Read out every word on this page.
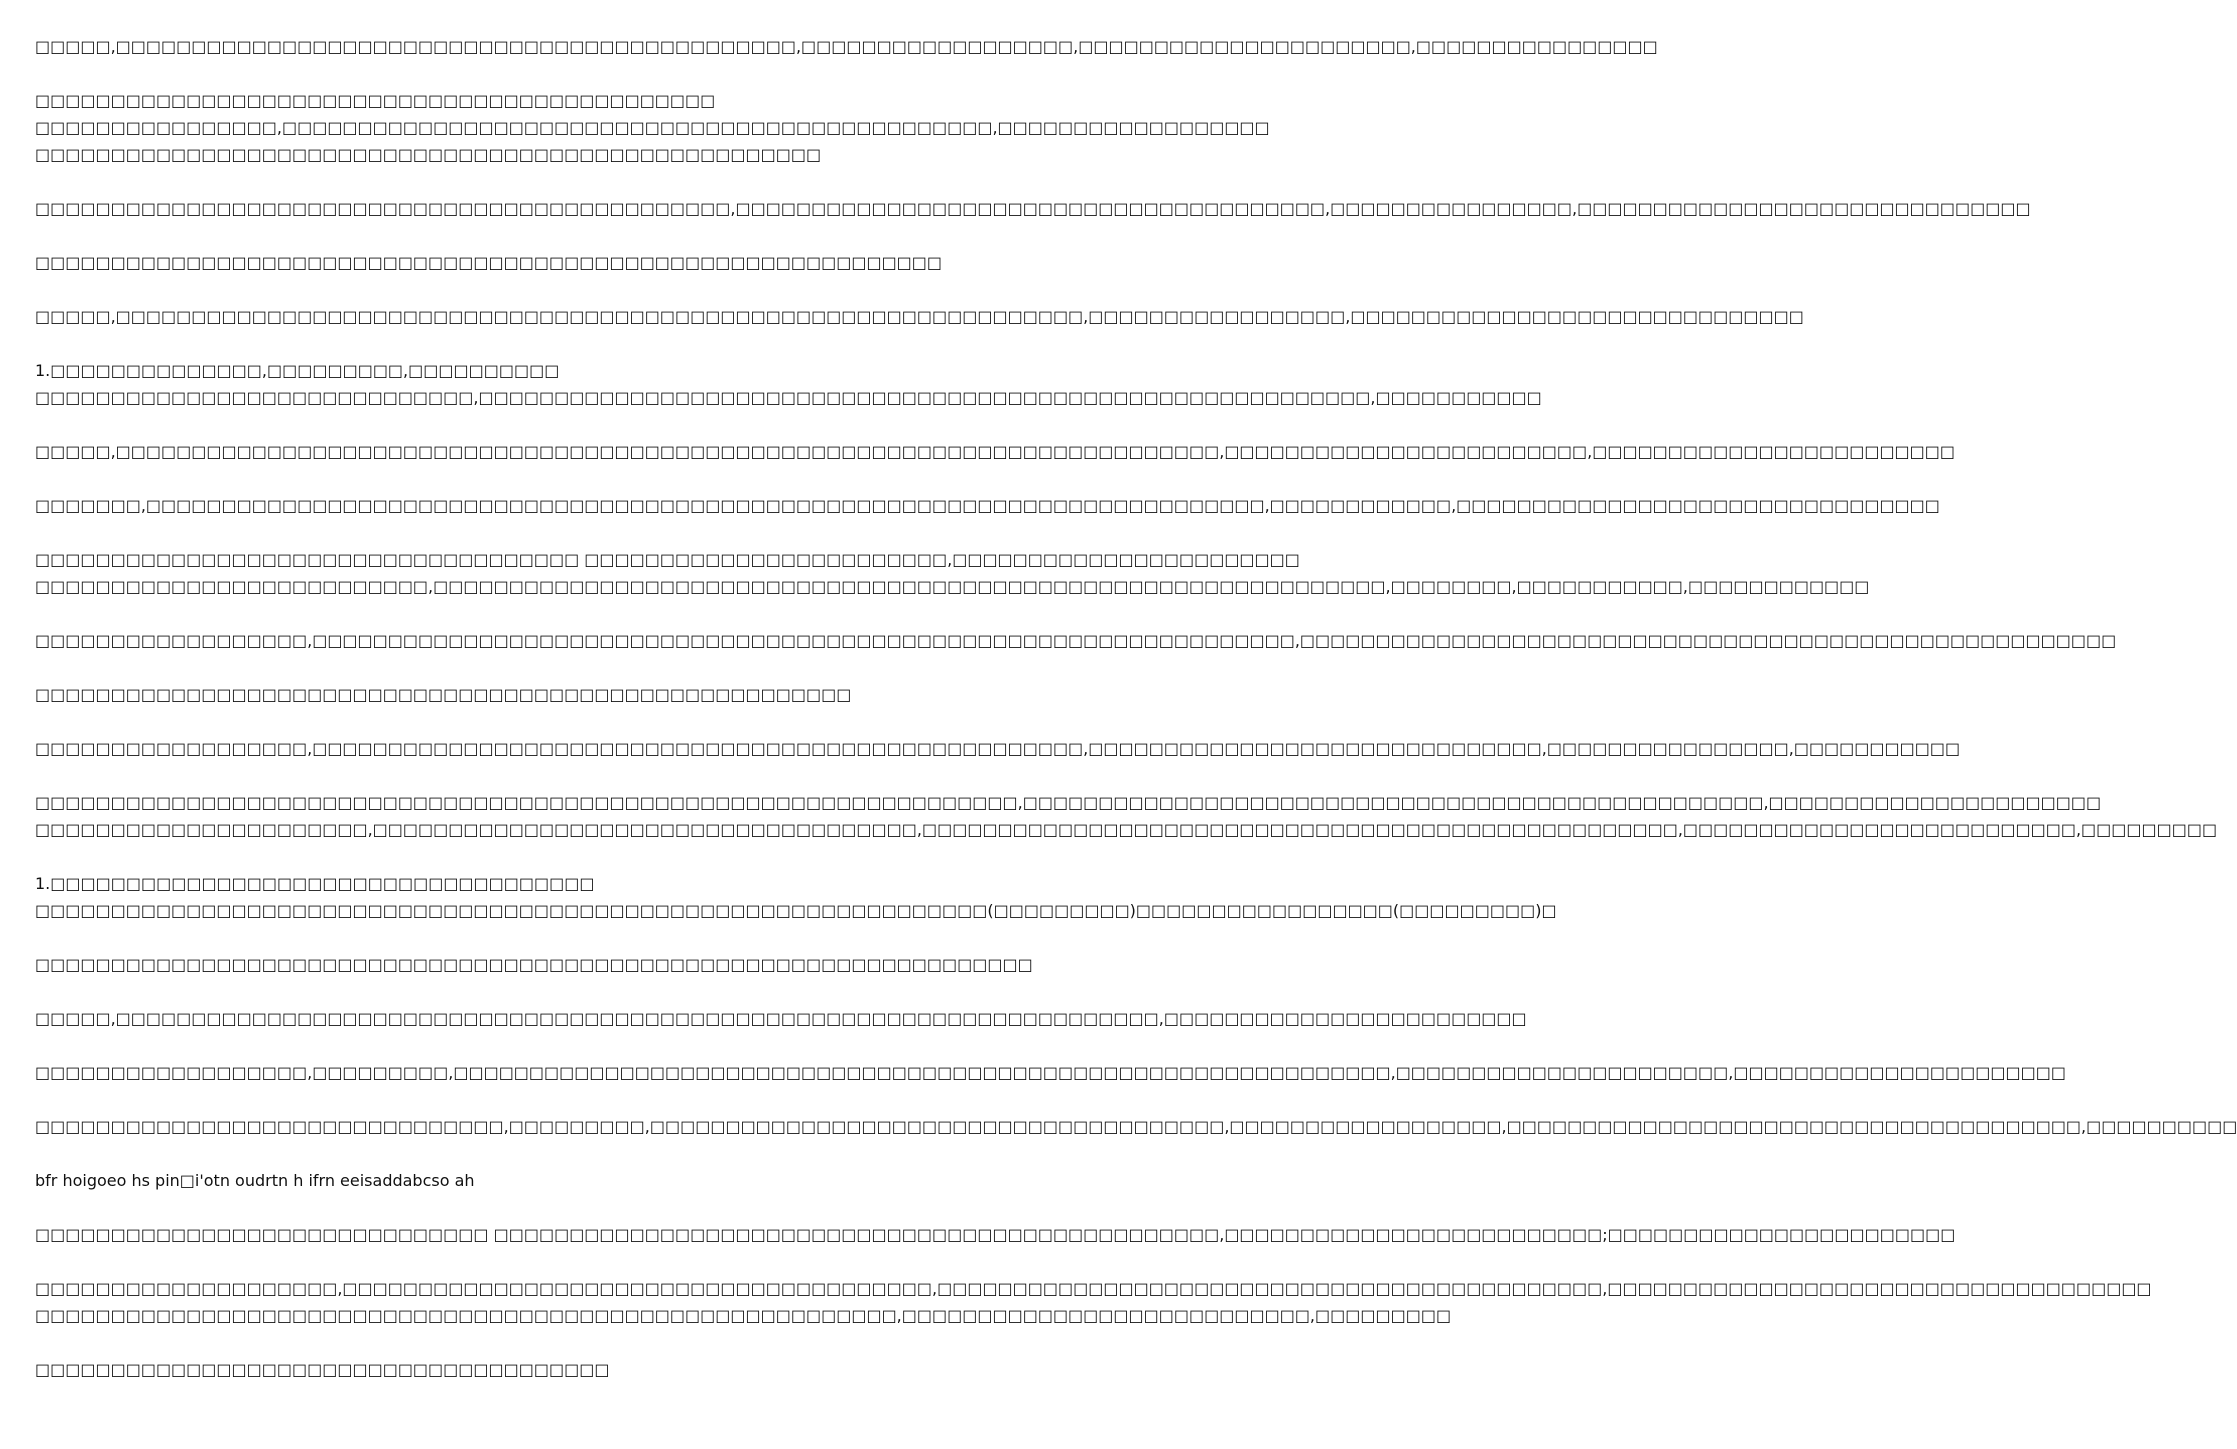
□□□□□,□□□□□□□□□□□□□□□□□□□□□□□□□□□□□□□□□□□□□□□□□□□□□,□□□□□□□□□□□□□□□□□□,□□□□□□□□□□□□□□□□□□□□□□,□□□□□□□□□□□□□□□□
□□□□□□□□□□□□□□□□□□□□□□□□□□□□□□□□□□□□□□□□□□□□□
□□□□□□□□□□□□□□□□,□□□□□□□□□□□□□□□□□□□□□□□□□□□□□□□□□□□□□□□□□□□□□□□,□□□□□□□□□□□□□□□□□□
□□□□□□□□□□□□□□□□□□□□□□□□□□□□□□□□□□□□□□□□□□□□□□□□□□□□
□□□□□□□□□□□□□□□□□□□□□□□□□□□□□□□□□□□□□□□□□□□□□□,□□□□□□□□□□□□□□□□□□□□□□□□□□□□□□□□□□□□□□□,□□□□□□□□□□□□□□□□,□□□□□□□□□□□□□□□□□□□□□□□□□□□□□□
□□□□□□□□□□□□□□□□□□□□□□□□□□□□□□□□□□□□□□□□□□□□□□□□□□□□□□□□□□□□
□□□□□,□□□□□□□□□□□□□□□□□□□□□□□□□□□□□□□□□□□□□□□□□□□□□□□□□□□□□□□□□□□□□□□□,□□□□□□□□□□□□□□□□□,□□□□□□□□□□□□□□□□□□□□□□□□□□□□□□
1.□□□□□□□□□□□□□□,□□□□□□□□□,□□□□□□□□□□
□□□□□□□□□□□□□□□□□□□□□□□□□□□□□,□□□□□□□□□□□□□□□□□□□□□□□□□□□□□□□□□□□□□□□□□□□□□□□□□□□□□□□□□□□,□□□□□□□□□□□
□□□□□,□□□□□□□□□□□□□□□□□□□□□□□□□□□□□□□□□□□□□□□□□□□□□□□□□□□□□□□□□□□□□□□□□□□□□□□□□,□□□□□□□□□□□□□□□□□□□□□□□□,□□□□□□□□□□□□□□□□□□□□□□□□
□□□□□□□,□□□□□□□□□□□□□□□□□□□□□□□□□□□□□□□□□□□□□□□□□□□□□□□□□□□□□□□□□□□□□□□□□□□□□□□□□□,□□□□□□□□□□□□,□□□□□□□□□□□□□□□□□□□□□□□□□□□□□□□□
□□□□□□□□□□□□□□□□□□□□□□□□□□□□□□□□□□□□ □□□□□□□□□□□□□□□□□□□□□□□□,□□□□□□□□□□□□□□□□□□□□□□□
□□□□□□□□□□□□□□□□□□□□□□□□□□,□□□□□□□□□□□□□□□□□□□□□□□□□□□□□□□□□□□□□□□□□□□□□□□□□□□□□□□□□□□□□□□,□□□□□□□□,□□□□□□□□□□□,□□□□□□□□□□□□
□□□□□□□□□□□□□□□□□□,□□□□□□□□□□□□□□□□□□□□□□□□□□□□□□□□□□□□□□□□□□□□□□□□□□□□□□□□□□□□□□□□□,□□□□□□□□□□□□□□□□□□□□□□□□□□□□□□□□□□□□□□□□□□□□□□□□□□□□□□
□□□□□□□□□□□□□□□□□□□□□□□□□□□□□□□□□□□□□□□□□□□□□□□□□□□□□□
□□□□□□□□□□□□□□□□□□,□□□□□□□□□□□□□□□□□□□□□□□□□□□□□□□□□□□□□□□□□□□□□□□□□□□,□□□□□□□□□□□□□□□□□□□□□□□□□□□□□□,□□□□□□□□□□□□□□□□,□□□□□□□□□□□
□□□□□□□□□□□□□□□□□□□□□□□□□□□□□□□□□□□□□□□□□□□□□□□□□□□□□□□□□□□□□□□□□,□□□□□□□□□□□□□□□□□□□□□□□□□□□□□□□□□□□□□□□□□□□□□□□□□,□□□□□□□□□□□□□□□□□□□□□□
□□□□□□□□□□□□□□□□□□□□□□,□□□□□□□□□□□□□□□□□□□□□□□□□□□□□□□□□□□□,□□□□□□□□□□□□□□□□□□□□□□□□□□□□□□□□□□□□□□□□□□□□□□□□□□,□□□□□□□□□□□□□□□□□□□□□□□□□□,□□□□□□□□□
1.□□□□□□□□□□□□□□□□□□□□□□□□□□□□□□□□□□□□
□□□□□□□□□□□□□□□□□□□□□□□□□□□□□□□□□□□□□□□□□□□□□□□□□□□□□□□□□□□□□□□(□□□□□□□□□)□□□□□□□□□□□□□□□□□(□□□□□□□□□)□
□□□□□□□□□□□□□□□□□□□□□□□□□□□□□□□□□□□□□□□□□□□□□□□□□□□□□□□□□□□□□□□□□□
□□□□□,□□□□□□□□□□□□□□□□□□□□□□□□□□□□□□□□□□□□□□□□□□□□□□□□□□□□□□□□□□□□□□□□□□□□□,□□□□□□□□□□□□□□□□□□□□□□□□
□□□□□□□□□□□□□□□□□□,□□□□□□□□□,□□□□□□□□□□□□□□□□□□□□□□□□□□□□□□□□□□□□□□□□□□□□□□□□□□□□□□□□□□□□□□,□□□□□□□□□□□□□□□□□□□□□□,□□□□□□□□□□□□□□□□□□□□□□
□□□□□□□□□□□□□□□□□□□□□□□□□□□□□□□,□□□□□□□□□,□□□□□□□□□□□□□□□□□□□□□□□□□□□□□□□□□□□□□□,□□□□□□□□□□□□□□□□□□,□□□□□□□□□□□□□□□□□□□□□□□□□□□□□□□□□□□□□□,□□□□□□□□□□
bfr hoigoeo hs pin□i'otn oudrtn h ifrn eeisaddabcso ah
□□□□□□□□□□□□□□□□□□□□□□□□□□□□□□ □□□□□□□□□□□□□□□□□□□□□□□□□□□□□□□□□□□□□□□□□□□□□□□□,□□□□□□□□□□□□□□□□□□□□□□□□□;□□□□□□□□□□□□□□□□□□□□□□□
□□□□□□□□□□□□□□□□□□□□,□□□□□□□□□□□□□□□□□□□□□□□□□□□□□□□□□□□□□□□,□□□□□□□□□□□□□□□□□□□□□□□□□□□□□□□□□□□□□□□□□□□□,□□□□□□□□□□□□□□□□□□□□□□□□□□□□□□□□□□□□
□□□□□□□□□□□□□□□□□□□□□□□□□□□□□□□□□□□□□□□□□□□□□□□□□□□□□□□□□,□□□□□□□□□□□□□□□□□□□□□□□□□□□,□□□□□□□□□
□□□□□□□□□□□□□□□□□□□□□□□□□□□□□□□□□□□□□□
